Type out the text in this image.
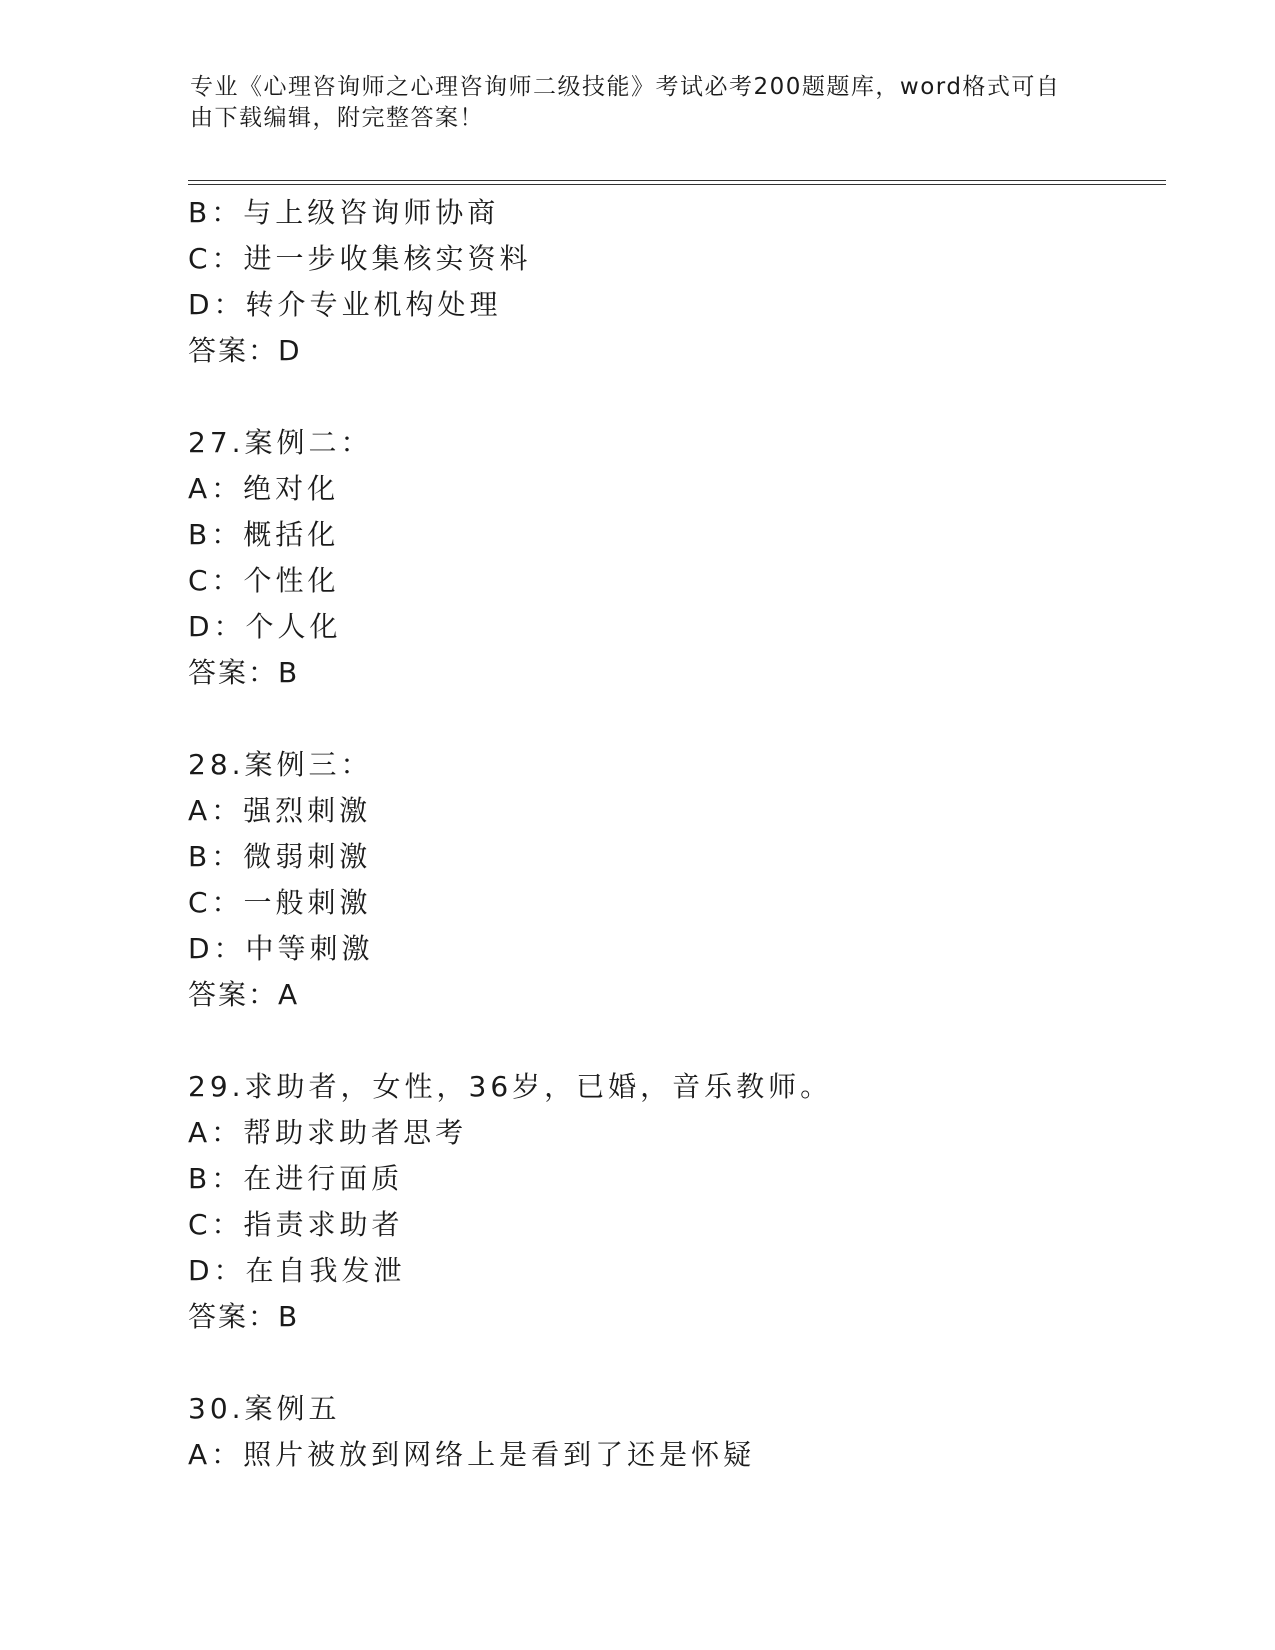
专业《心理咨询师之心理咨询师二级技能》考试必考200题题库，word格式可自
由下载编辑，附完整答案！
B：与上级咨询师协商
C：进一步收集核实资料
D：转介专业机构处理
答案：D
27.案例二：
A：绝对化
B：概括化
C：个性化
D：个人化
答案：B
28.案例三：
A：强烈刺激
B：微弱刺激
C：一般刺激
D：中等刺激
答案：A
29.求助者，女性，36岁，已婚，音乐教师。
A：帮助求助者思考
B：在进行面质
C：指责求助者
D：在自我发泄
答案：B
30.案例五
A：照片被放到网络上是看到了还是怀疑
